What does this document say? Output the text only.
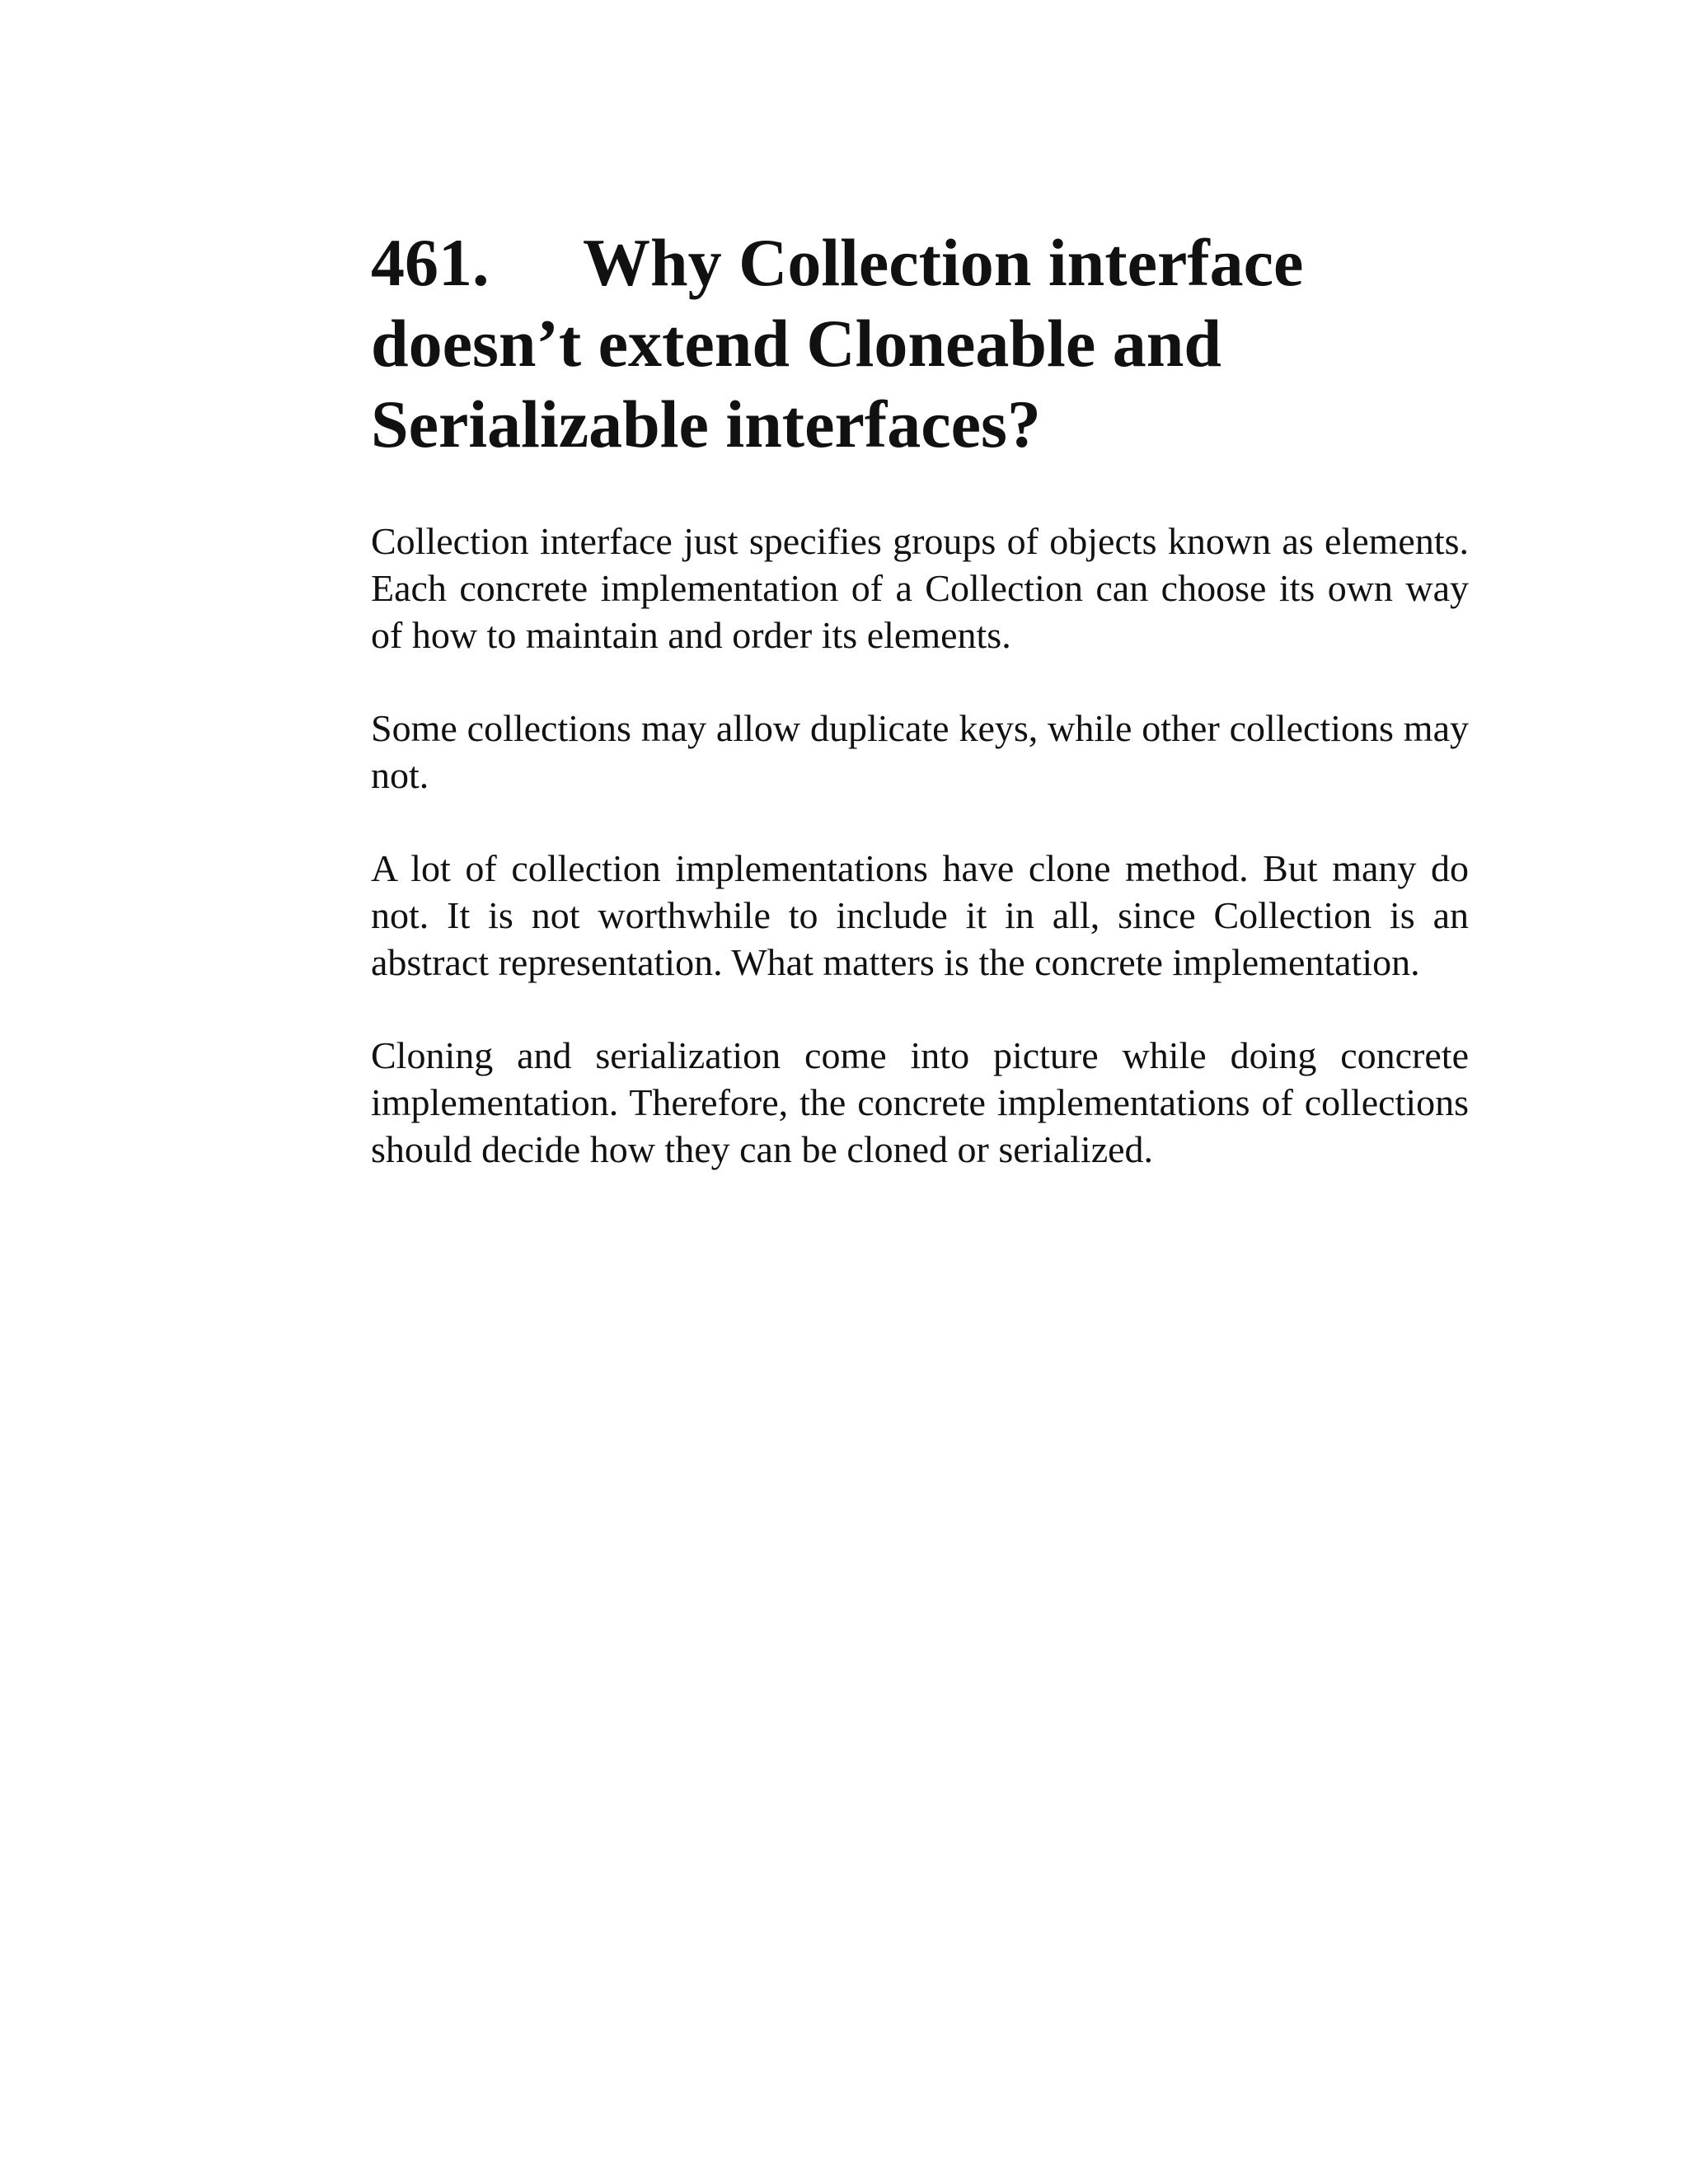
461. Why Collection interface doesn’t extend Cloneable and Serializable interfaces?

Collection interface just specifies groups of objects known as elements. Each concrete implementation of a Collection can choose its own way of how to maintain and order its elements.

Some collections may allow duplicate keys, while other collections may not.

A lot of collection implementations have clone method. But many do not. It is not worthwhile to include it in all, since Collection is an abstract representation. What matters is the concrete implementation.

Cloning and serialization come into picture while doing concrete implementation. Therefore, the concrete implementations of collections should decide how they can be cloned or serialized.
